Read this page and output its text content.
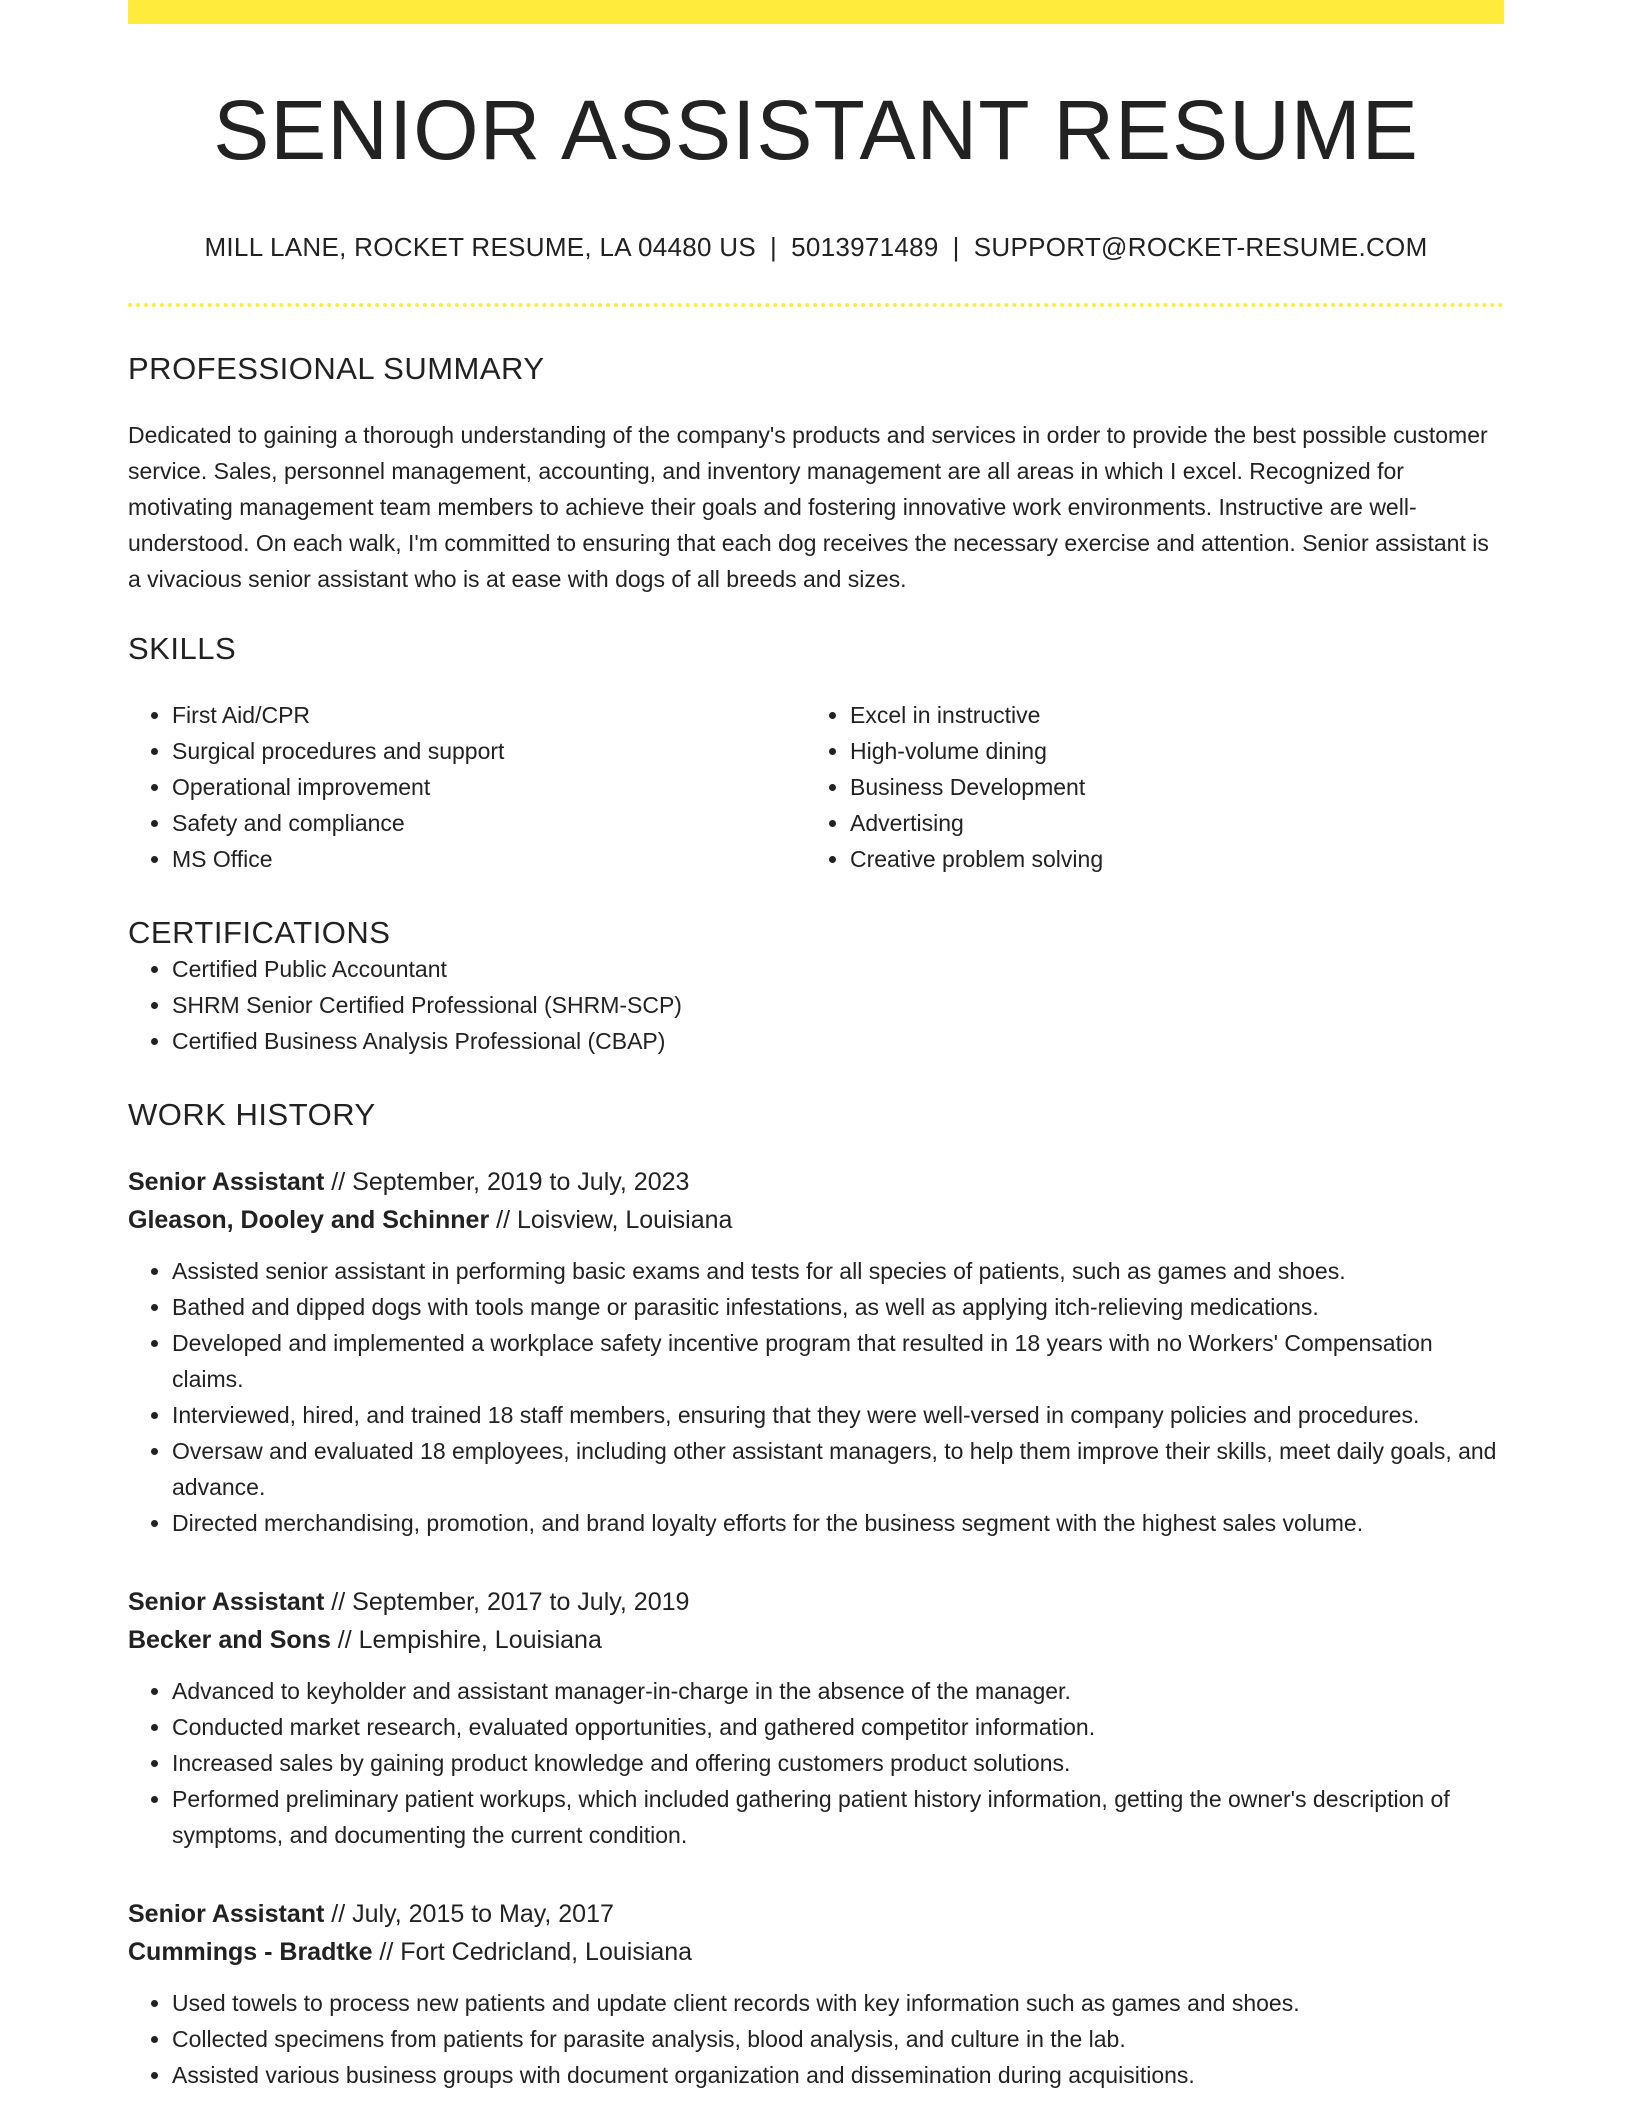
SENIOR ASSISTANT RESUME
MILL LANE, ROCKET RESUME, LA 04480 US | 5013971489 | SUPPORT@ROCKET-RESUME.COM
PROFESSIONAL SUMMARY

Dedicated to gaining a thorough understanding of the company's products and services in order to provide the best possible customer service. Sales, personnel management, accounting, and inventory management are all areas in which I excel. Recognized for motivating management team members to achieve their goals and fostering innovative work environments. Instructive are well-understood. On each walk, I'm committed to ensuring that each dog receives the necessary exercise and attention. Senior assistant is a vivacious senior assistant who is at ease with dogs of all breeds and sizes.

SKILLS
• First Aid/CPR
• Surgical procedures and support
• Operational improvement
• Safety and compliance
• MS Office
• Excel in instructive
• High-volume dining
• Business Development
• Advertising
• Creative problem solving
CERTIFICATIONS
• Certified Public Accountant
• SHRM Senior Certified Professional (SHRM-SCP)
• Certified Business Analysis Professional (CBAP)
WORK HISTORY
Senior Assistant // September, 2019 to July, 2023
Gleason, Dooley and Schinner // Loisview, Louisiana
• Assisted senior assistant in performing basic exams and tests for all species of patients, such as games and shoes.
• Bathed and dipped dogs with tools mange or parasitic infestations, as well as applying itch-relieving medications.
• Developed and implemented a workplace safety incentive program that resulted in 18 years with no Workers' Compensation claims.
• Interviewed, hired, and trained 18 staff members, ensuring that they were well-versed in company policies and procedures.
• Oversaw and evaluated 18 employees, including other assistant managers, to help them improve their skills, meet daily goals, and advance.
• Directed merchandising, promotion, and brand loyalty efforts for the business segment with the highest sales volume.
Senior Assistant // September, 2017 to July, 2019
Becker and Sons // Lempishire, Louisiana
• Advanced to keyholder and assistant manager-in-charge in the absence of the manager.
• Conducted market research, evaluated opportunities, and gathered competitor information.
• Increased sales by gaining product knowledge and offering customers product solutions.
• Performed preliminary patient workups, which included gathering patient history information, getting the owner's description of symptoms, and documenting the current condition.
Senior Assistant // July, 2015 to May, 2017
Cummings - Bradtke // Fort Cedricland, Louisiana
• Used towels to process new patients and update client records with key information such as games and shoes.
• Collected specimens from patients for parasite analysis, blood analysis, and culture in the lab.
• Assisted various business groups with document organization and dissemination during acquisitions.
